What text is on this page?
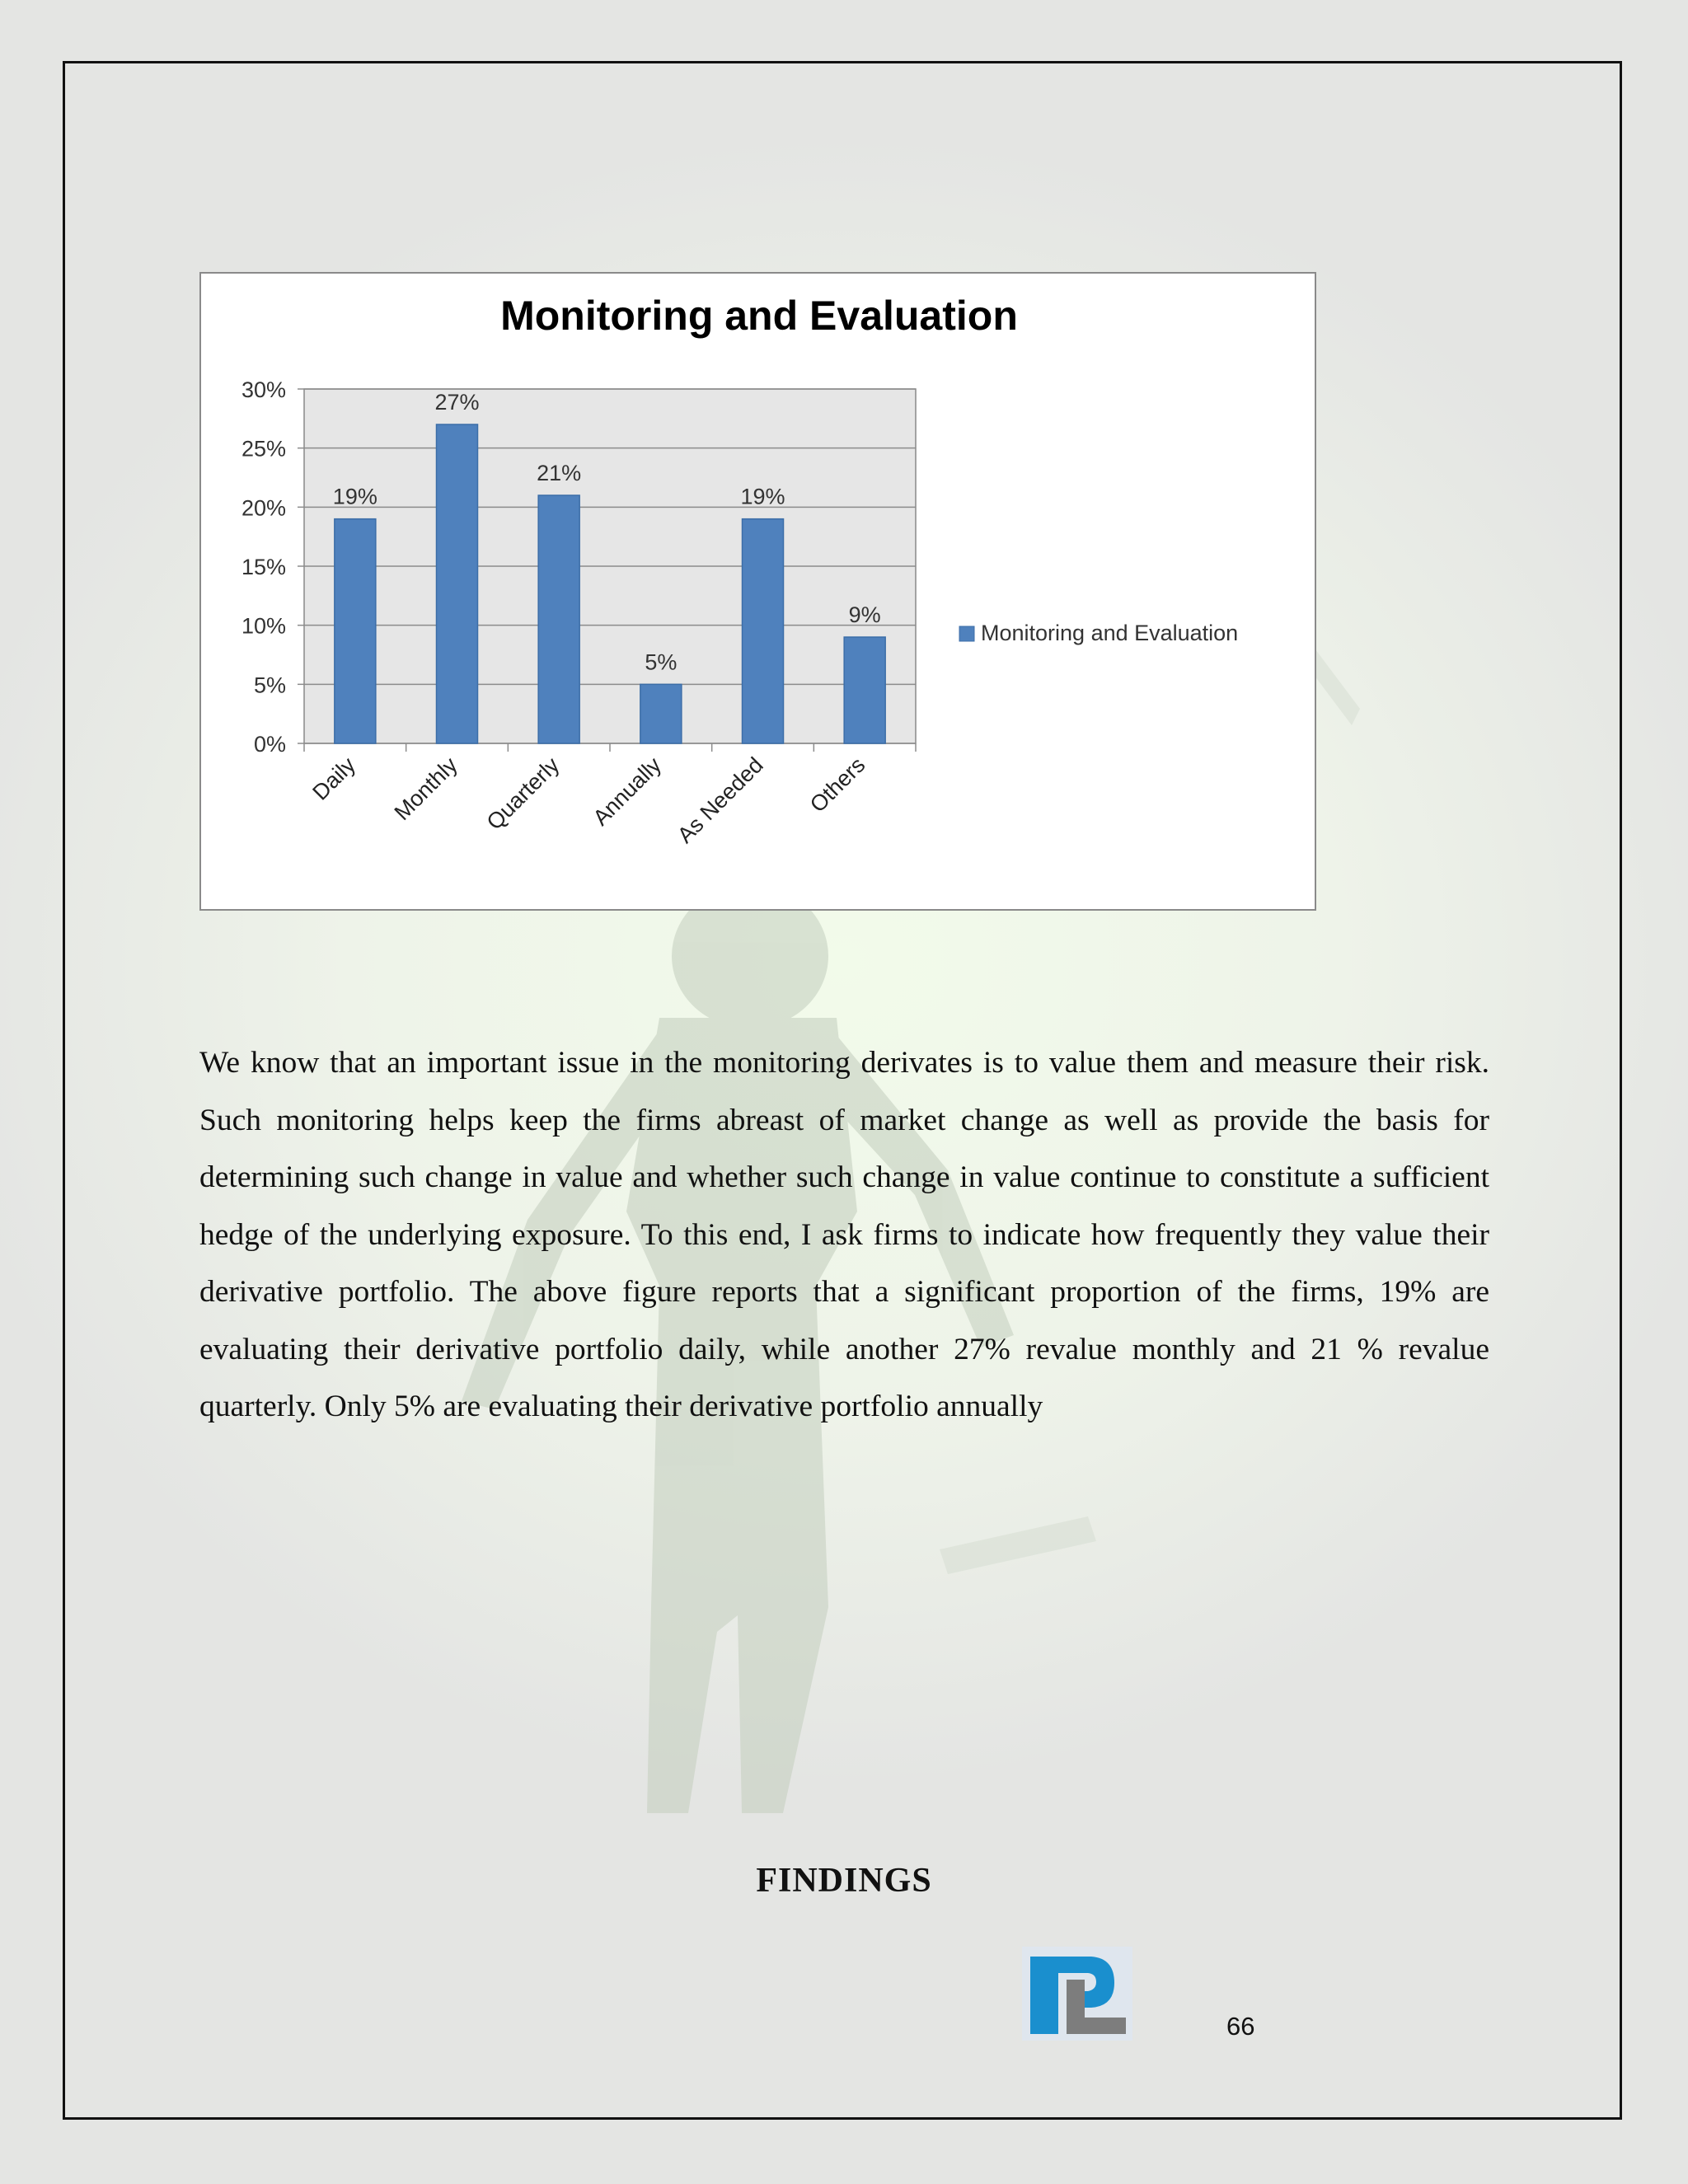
Monitoring and Evaluation
0%
5%
10%
15%
20%
25%
30%
19%
Daily
27%
Monthly
21%
Quarterly
5%
Annually
19%
As Needed
9%
Others
Monitoring and Evaluation

We know that an important issue in the monitoring derivates is to value them and measure their risk. Such monitoring helps keep the firms abreast of market change as well as provide the basis for determining such change in value and whether such change in value continue to constitute a sufficient hedge of the underlying exposure. To this end, I ask firms to indicate how frequently they value their derivative portfolio. The above figure reports that a significant proportion of the firms, 19% are evaluating their derivative portfolio daily, while another 27% revalue monthly and 21 % revalue quarterly. Only 5% are evaluating their derivative portfolio annually

FINDINGS
66
